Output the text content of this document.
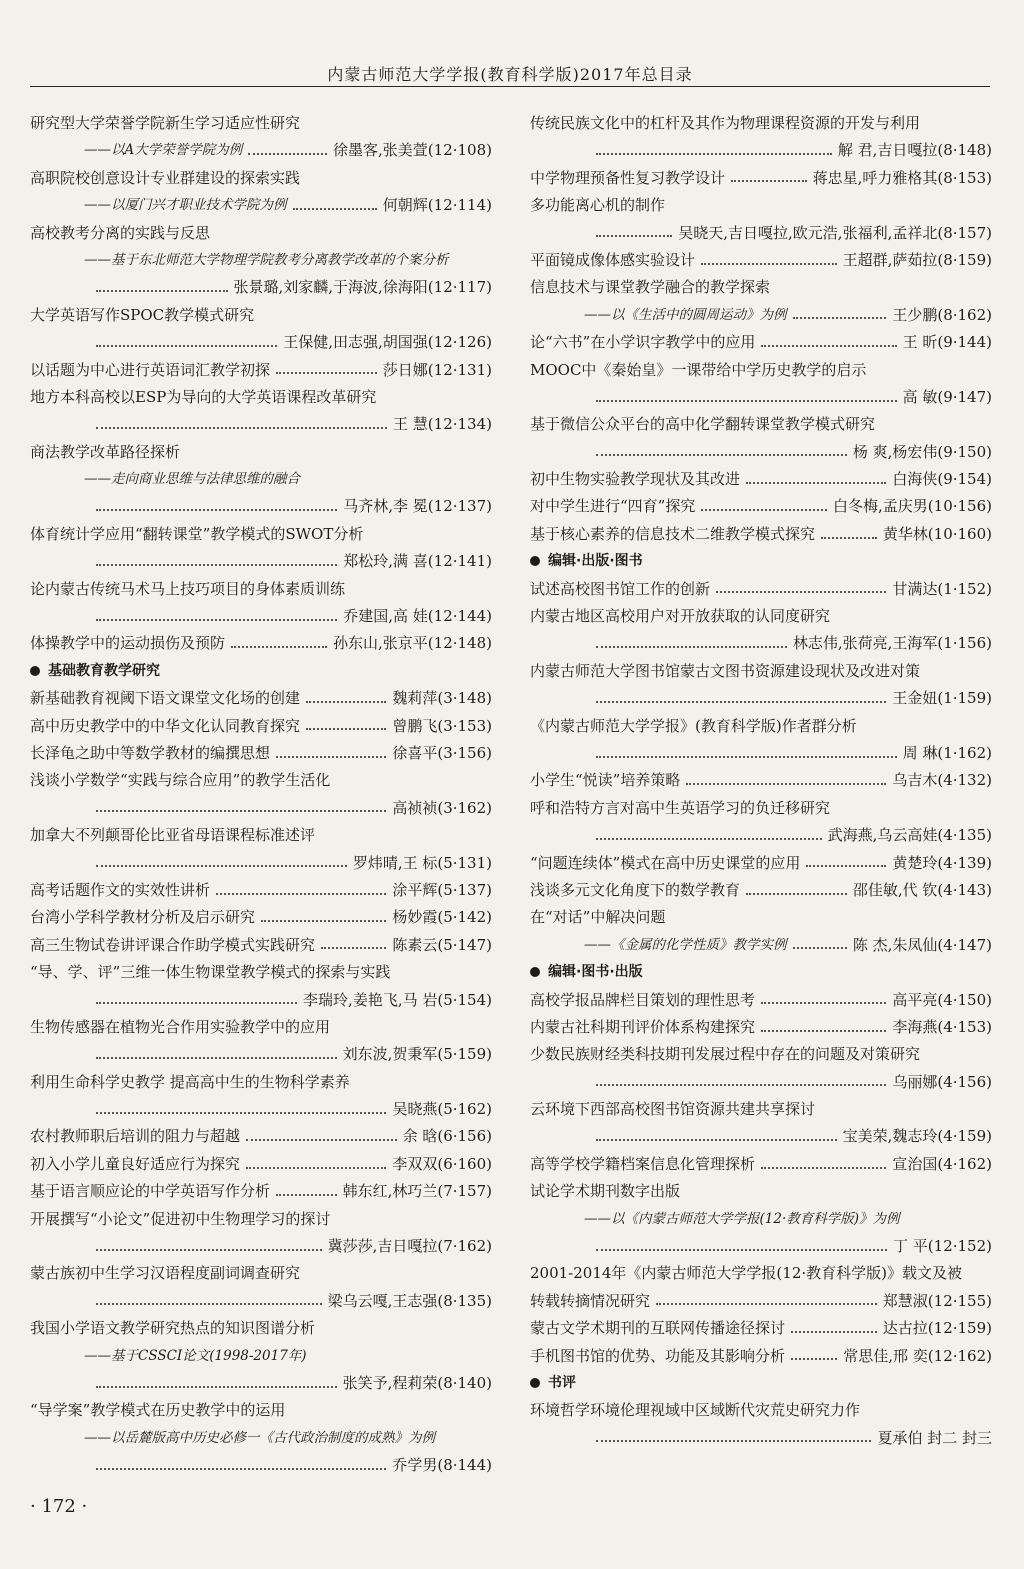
内蒙古师范大学学报(教育科学版)2017年总目录
研究型大学荣誉学院新生学习适应性研究
——以A大学荣誉学院为例	徐墨客,张美萱(12·108)
高职院校创意设计专业群建设的探索实践
——以厦门兴才职业技术学院为例	何朝辉(12·114)
高校教考分离的实践与反思
——基于东北师范大学物理学院教考分离教学改革的个案分析
张景璐,刘家麟,于海波,徐海阳(12·117)
大学英语写作SPOC教学模式研究
王保健,田志强,胡国强(12·126)
以话题为中心进行英语词汇教学初探	莎日娜(12·131)
地方本科高校以ESP为导向的大学英语课程改革研究
王 慧(12·134)
商法教学改革路径探析
——走向商业思维与法律思维的融合
马齐林,李 冕(12·137)
体育统计学应用“翻转课堂”教学模式的SWOT分析
郑松玲,满 喜(12·141)
论内蒙古传统马术马上技巧项目的身体素质训练
乔建国,高 娃(12·144)
体操教学中的运动损伤及预防	孙东山,张京平(12·148)
基础教育教学研究
新基础教育视阈下语文课堂文化场的创建	魏莉萍(3·148)
高中历史教学中的中华文化认同教育探究	曾鹏飞(3·153)
长泽龟之助中等数学教材的编撰思想	徐喜平(3·156)
浅谈小学数学“实践与综合应用”的教学生活化
高祯祯(3·162)
加拿大不列颠哥伦比亚省母语课程标准述评
罗炜晴,王 标(5·131)
高考话题作文的实效性讲析	涂平辉(5·137)
台湾小学科学教材分析及启示研究	杨妙霞(5·142)
高三生物试卷讲评课合作助学模式实践研究	陈素云(5·147)
“导、学、评”三维一体生物课堂教学模式的探索与实践
李瑞玲,姜艳飞,马 岩(5·154)
生物传感器在植物光合作用实验教学中的应用
刘东波,贺秉军(5·159)
利用生命科学史教学 提高高中生的生物科学素养
吴晓燕(5·162)
农村教师职后培训的阻力与超越	余 晗(6·156)
初入小学儿童良好适应行为探究	李双双(6·160)
基于语言顺应论的中学英语写作分析	韩东红,林巧兰(7·157)
开展撰写“小论文”促进初中生物理学习的探讨
冀莎莎,吉日嘎拉(7·162)
蒙古族初中生学习汉语程度副词调查研究
梁乌云嘎,王志强(8·135)
我国小学语文教学研究热点的知识图谱分析
——基于CSSCI论文(1998-2017年)
张笑予,程莉荣(8·140)
“导学案”教学模式在历史教学中的运用
——以岳麓版高中历史必修一《古代政治制度的成熟》为例
乔学男(8·144)
传统民族文化中的杠杆及其作为物理课程资源的开发与利用
解 君,吉日嘎拉(8·148)
中学物理预备性复习教学设计	蒋忠星,呼力雅格其(8·153)
多功能离心机的制作
吴晓天,吉日嘎拉,欧元浩,张福利,孟祥北(8·157)
平面镜成像体感实验设计	王超群,萨茹拉(8·159)
信息技术与课堂教学融合的教学探索
——以《生活中的圆周运动》为例	王少鹏(8·162)
论“六书”在小学识字教学中的应用	王 昕(9·144)
MOOC中《秦始皇》一课带给中学历史教学的启示
高 敏(9·147)
基于微信公众平台的高中化学翻转课堂教学模式研究
杨 爽,杨宏伟(9·150)
初中生物实验教学现状及其改进	白海侠(9·154)
对中学生进行“四育”探究	白冬梅,孟庆男(10·156)
基于核心素养的信息技术二维教学模式探究	黄华林(10·160)
编辑·出版·图书
试述高校图书馆工作的创新	甘满达(1·152)
内蒙古地区高校用户对开放获取的认同度研究
林志伟,张荷亮,王海军(1·156)
内蒙古师范大学图书馆蒙古文图书资源建设现状及改进对策
王金妞(1·159)
《内蒙古师范大学学报》(教育科学版)作者群分析
周 琳(1·162)
小学生“悦读”培养策略	乌吉木(4·132)
呼和浩特方言对高中生英语学习的负迁移研究
武海燕,乌云高娃(4·135)
“问题连续体”模式在高中历史课堂的应用	黄楚玲(4·139)
浅谈多元文化角度下的数学教育	邵佳敏,代 钦(4·143)
在“对话”中解决问题
——《金属的化学性质》教学实例	陈 杰,朱凤仙(4·147)
编辑·图书·出版
高校学报品牌栏目策划的理性思考	高平亮(4·150)
内蒙古社科期刊评价体系构建探究	李海燕(4·153)
少数民族财经类科技期刊发展过程中存在的问题及对策研究
乌丽娜(4·156)
云环境下西部高校图书馆资源共建共享探讨
宝美荣,魏志玲(4·159)
高等学校学籍档案信息化管理探析	宣治国(4·162)
试论学术期刊数字出版
——以《内蒙古师范大学学报(12·教育科学版)》为例
丁 平(12·152)
2001-2014年《内蒙古师范大学学报(12·教育科学版)》载文及被
转载转摘情况研究	郑慧淑(12·155)
蒙古文学术期刊的互联网传播途径探讨	达古拉(12·159)
手机图书馆的优势、功能及其影响分析	常思佳,邢 奕(12·162)
书评
环境哲学环境伦理视域中区域断代灾荒史研究力作
夏承伯 封二 封三
· 172 ·
